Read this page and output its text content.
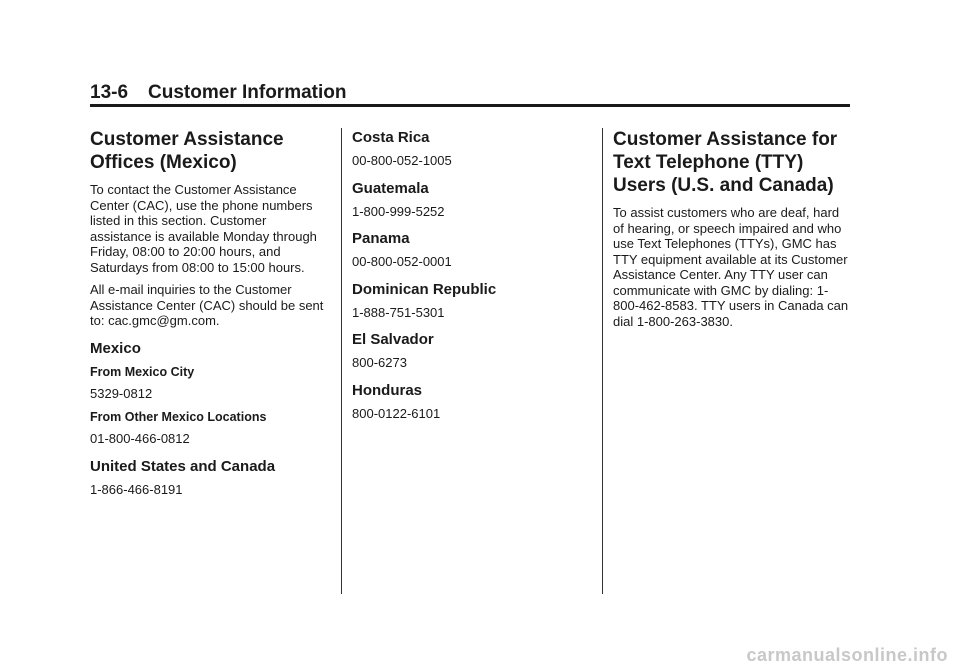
13-6 Customer Information
Customer Assistance Offices (Mexico)

To contact the Customer Assistance Center (CAC), use the phone numbers listed in this section. Customer assistance is available Monday through Friday, 08:00 to 20:00 hours, and Saturdays from 08:00 to 15:00 hours.

All e-mail inquiries to the Customer Assistance Center (CAC) should be sent to: cac.gmc@gm.com.

Mexico
From Mexico City
5329-0812
From Other Mexico Locations
01-800-466-0812
United States and Canada
1-866-466-8191
Costa Rica
00-800-052-1005
Guatemala
1-800-999-5252
Panama
00-800-052-0001
Dominican Republic
1-888-751-5301
El Salvador
800-6273
Honduras
800-0122-6101
Customer Assistance for Text Telephone (TTY) Users (U.S. and Canada)

To assist customers who are deaf, hard of hearing, or speech impaired and who use Text Telephones (TTYs), GMC has TTY equipment available at its Customer Assistance Center. Any TTY user can communicate with GMC by dialing: 1-800-462-8583. TTY users in Canada can dial 1-800-263-3830.

carmanualsonline.info
